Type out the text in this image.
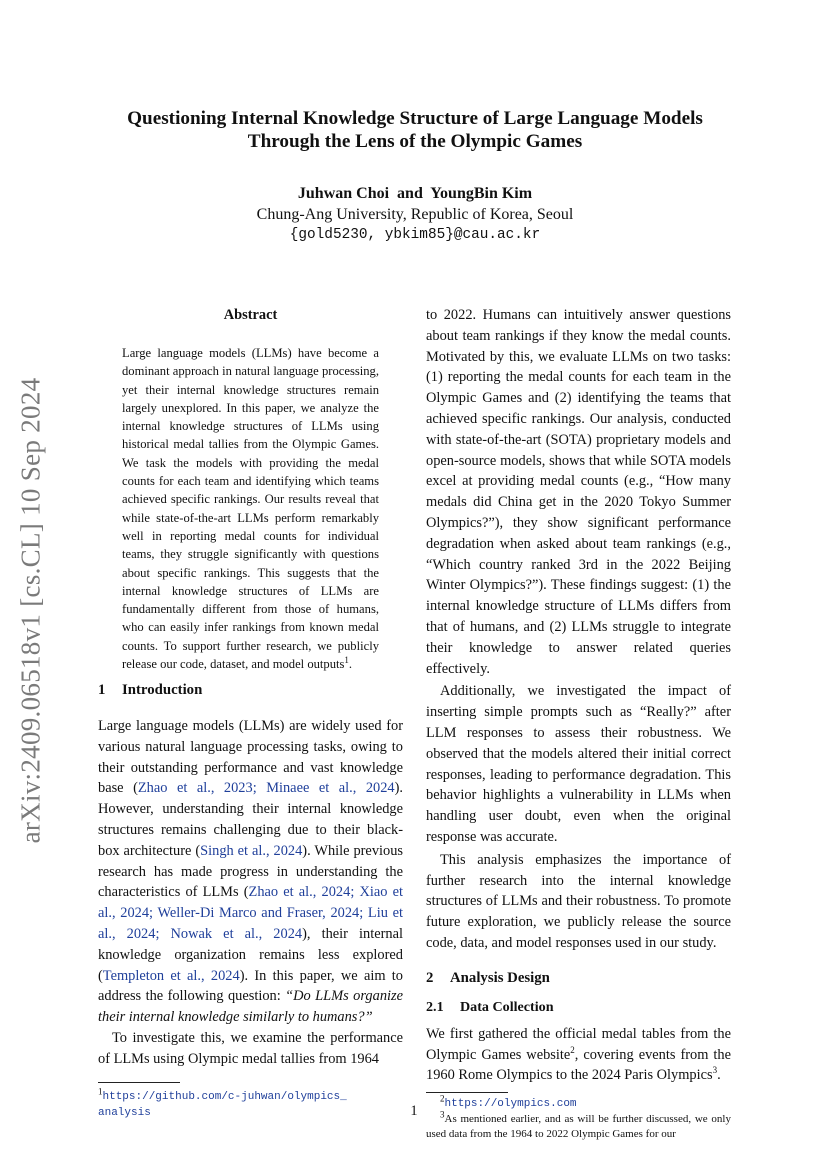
arXiv:2409.06518v1 [cs.CL] 10 Sep 2024
Questioning Internal Knowledge Structure of Large Language Models
Through the Lens of the Olympic Games
Juhwan Choi  and  YoungBin Kim
Chung-Ang University, Republic of Korea, Seoul
{gold5230, ybkim85}@cau.ac.kr
Abstract

Large language models (LLMs) have become a dominant approach in natural language processing, yet their internal knowledge structures remain largely unexplored. In this paper, we analyze the internal knowledge structures of LLMs using historical medal tallies from the Olympic Games. We task the models with providing the medal counts for each team and identifying which teams achieved specific rankings. Our results reveal that while state-of-the-art LLMs perform remarkably well in reporting medal counts for individual teams, they struggle significantly with questions about specific rankings. This suggests that the internal knowledge structures of LLMs are fundamentally different from those of humans, who can easily infer rankings from known medal counts. To support further research, we publicly release our code, dataset, and model outputs$^1$.

1 Introduction

Large language models (LLMs) are widely used for various natural language processing tasks, owing to their outstanding performance and vast knowledge base (Zhao et al., 2023; Minaee et al., 2024). However, understanding their internal knowledge structures remains challenging due to their black-box architecture (Singh et al., 2024). While previous research has made progress in understanding the characteristics of LLMs (Zhao et al., 2024; Xiao et al., 2024; Weller-Di Marco and Fraser, 2024; Liu et al., 2024; Nowak et al., 2024), their internal knowledge organization remains less explored (Templeton et al., 2024). In this paper, we aim to address the following question: “Do LLMs organize their internal knowledge similarly to humans?”

To investigate this, we examine the performance of LLMs using Olympic medal tallies from 1964

$^1$https://github.com/c-juhwan/olympics_ analysis

to 2022. Humans can intuitively answer questions about team rankings if they know the medal counts. Motivated by this, we evaluate LLMs on two tasks: (1) reporting the medal counts for each team in the Olympic Games and (2) identifying the teams that achieved specific rankings. Our analysis, conducted with state-of-the-art (SOTA) proprietary models and open-source models, shows that while SOTA models excel at providing medal counts (e.g., “How many medals did China get in the 2020 Tokyo Summer Olympics?”), they show significant performance degradation when asked about team rankings (e.g., “Which country ranked 3rd in the 2022 Beijing Winter Olympics?”). These findings suggest: (1) the internal knowledge structure of LLMs differs from that of humans, and (2) LLMs struggle to integrate their knowledge to answer related queries effectively.

Additionally, we investigated the impact of inserting simple prompts such as “Really?” after LLM responses to assess their robustness. We observed that the models altered their initial correct responses, leading to performance degradation. This behavior highlights a vulnerability in LLMs when handling user doubt, even when the original response was accurate.

This analysis emphasizes the importance of further research into the internal knowledge structures of LLMs and their robustness. To promote future exploration, we publicly release the source code, data, and model responses used in our study.

2 Analysis Design
2.1 Data Collection

We first gathered the official medal tables from the Olympic Games website$^2$, covering events from the 1960 Rome Olympics to the 2024 Paris Olympics$^3$.

$^2$https://olympics.com
$^3$As mentioned earlier, and as will be further discussed, we only used data from the 1964 to 2022 Olympic Games for our
1
